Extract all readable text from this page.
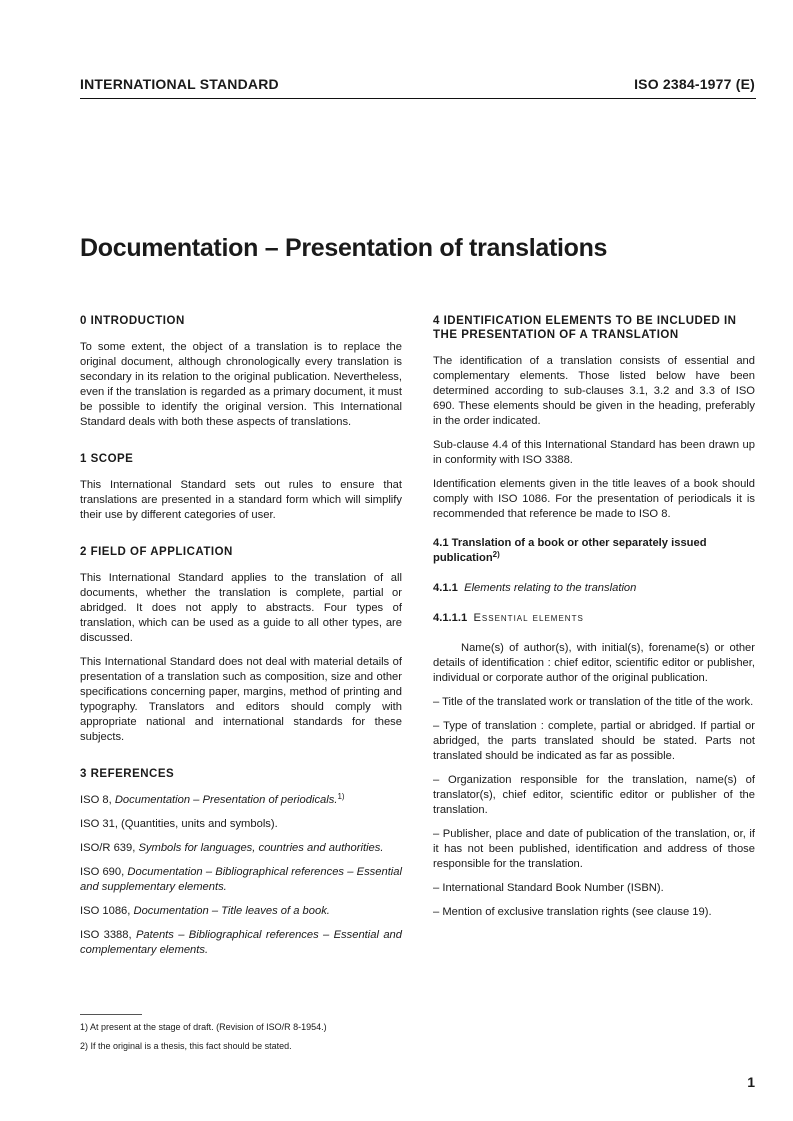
INTERNATIONAL STANDARD	ISO 2384-1977 (E)
Documentation – Presentation of translations
0 INTRODUCTION

To some extent, the object of a translation is to replace the original document, although chronologically every translation is secondary in its relation to the original publication. Nevertheless, even if the translation is regarded as a primary document, it must be possible to identify the original version. This International Standard deals with both these aspects of translations.

1 SCOPE

This International Standard sets out rules to ensure that translations are presented in a standard form which will simplify their use by different categories of user.

2 FIELD OF APPLICATION

This International Standard applies to the translation of all documents, whether the translation is complete, partial or abridged. It does not apply to abstracts. Four types of translation, which can be used as a guide to all other types, are discussed.

This International Standard does not deal with material details of presentation of a translation such as composition, size and other specifications concerning paper, margins, method of printing and typography. Translators and editors should comply with appropriate national and international standards for these subjects.

3 REFERENCES

ISO 8, Documentation – Presentation of periodicals.$^{1)}$

ISO 31, (Quantities, units and symbols).

ISO/R 639, Symbols for languages, countries and authorities.

ISO 690, Documentation – Bibliographical references – Essential and supplementary elements.

ISO 1086, Documentation – Title leaves of a book.

ISO 3388, Patents – Bibliographical references – Essential and complementary elements.

4 IDENTIFICATION ELEMENTS TO BE INCLUDED IN THE PRESENTATION OF A TRANSLATION

The identification of a translation consists of essential and complementary elements. Those listed below have been determined according to sub-clauses 3.1, 3.2 and 3.3 of ISO 690. These elements should be given in the heading, preferably in the order indicated.

Sub-clause 4.4 of this International Standard has been drawn up in conformity with ISO 3388.

Identification elements given in the title leaves of a book should comply with ISO 1086. For the presentation of periodicals it is recommended that reference be made to ISO 8.

4.1 Translation of a book or other separately issued publication$^{2)}$
4.1.1 Elements relating to the translation
4.1.1.1 Essential elements

Name(s) of author(s), with initial(s), forename(s) or other details of identification : chief editor, scientific editor or publisher, individual or corporate author of the original publication.

– Title of the translated work or translation of the title of the work.

– Type of translation : complete, partial or abridged. If partial or abridged, the parts translated should be stated. Parts not translated should be indicated as far as possible.

– Organization responsible for the translation, name(s) of translator(s), chief editor, scientific editor or publisher of the translation.

– Publisher, place and date of publication of the translation, or, if it has not been published, identification and address of those responsible for the translation.

– International Standard Book Number (ISBN).

– Mention of exclusive translation rights (see clause 19).

1) At present at the stage of draft. (Revision of ISO/R 8-1954.)
2) If the original is a thesis, this fact should be stated.
1
